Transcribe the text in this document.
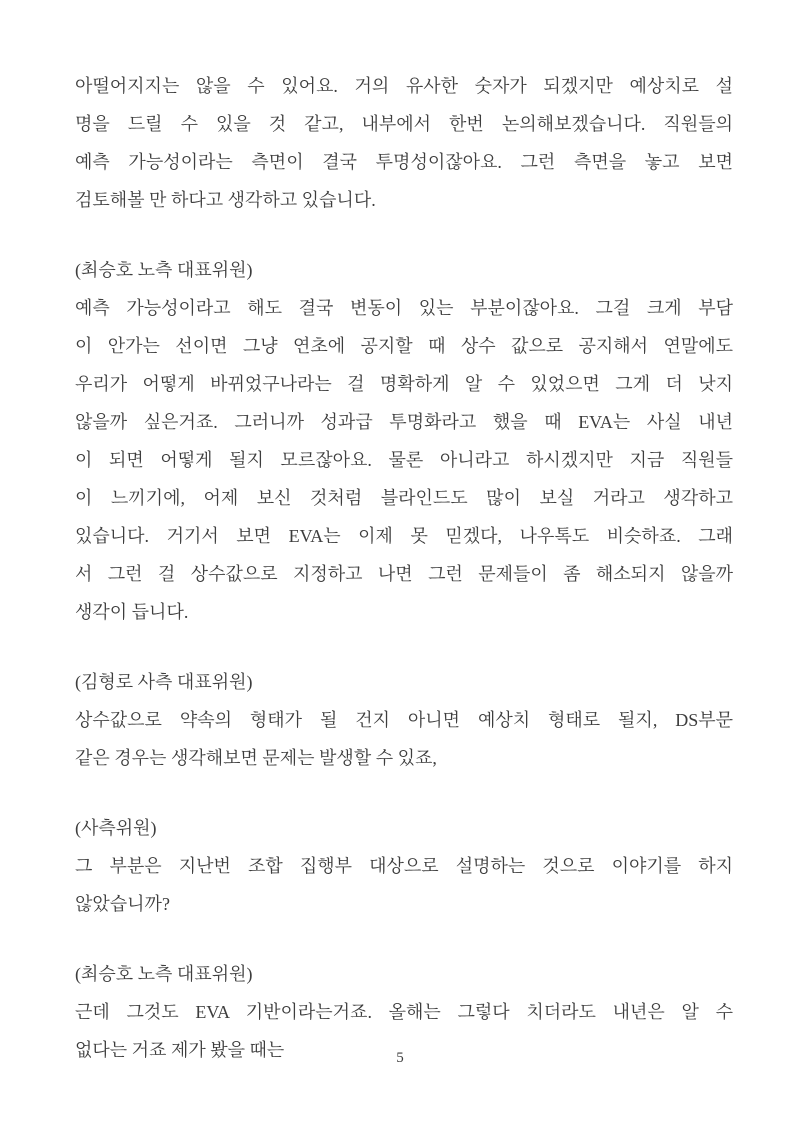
아떨어지지는 않을 수 있어요. 거의 유사한 숫자가 되겠지만 예상치로 설
명을 드릴 수 있을 것 같고, 내부에서 한번 논의해보겠습니다. 직원들의
예측 가능성이라는 측면이 결국 투명성이잖아요. 그런 측면을 놓고 보면
검토해볼 만 하다고 생각하고 있습니다.
(최승호 노측 대표위원)
예측 가능성이라고 해도 결국 변동이 있는 부분이잖아요. 그걸 크게 부담
이 안가는 선이면 그냥 연초에 공지할 때 상수 값으로 공지해서 연말에도
우리가 어떻게 바뀌었구나라는 걸 명확하게 알 수 있었으면 그게 더 낫지
않을까 싶은거죠. 그러니까 성과급 투명화라고 했을 때 EVA는 사실 내년
이 되면 어떻게 될지 모르잖아요. 물론 아니라고 하시겠지만 지금 직원들
이 느끼기에, 어제 보신 것처럼 블라인드도 많이 보실 거라고 생각하고
있습니다. 거기서 보면 EVA는 이제 못 믿겠다, 나우톡도 비슷하죠. 그래
서 그런 걸 상수값으로 지정하고 나면 그런 문제들이 좀 해소되지 않을까
생각이 듭니다.
(김형로 사측 대표위원)
상수값으로 약속의 형태가 될 건지 아니면 예상치 형태로 될지, DS부문
같은 경우는 생각해보면 문제는 발생할 수 있죠,
(사측위원)
그 부분은 지난번 조합 집행부 대상으로 설명하는 것으로 이야기를 하지
않았습니까?
(최승호 노측 대표위원)
근데 그것도 EVA 기반이라는거죠. 올해는 그렇다 치더라도 내년은 알 수
없다는 거죠 제가 봤을 때는	5
